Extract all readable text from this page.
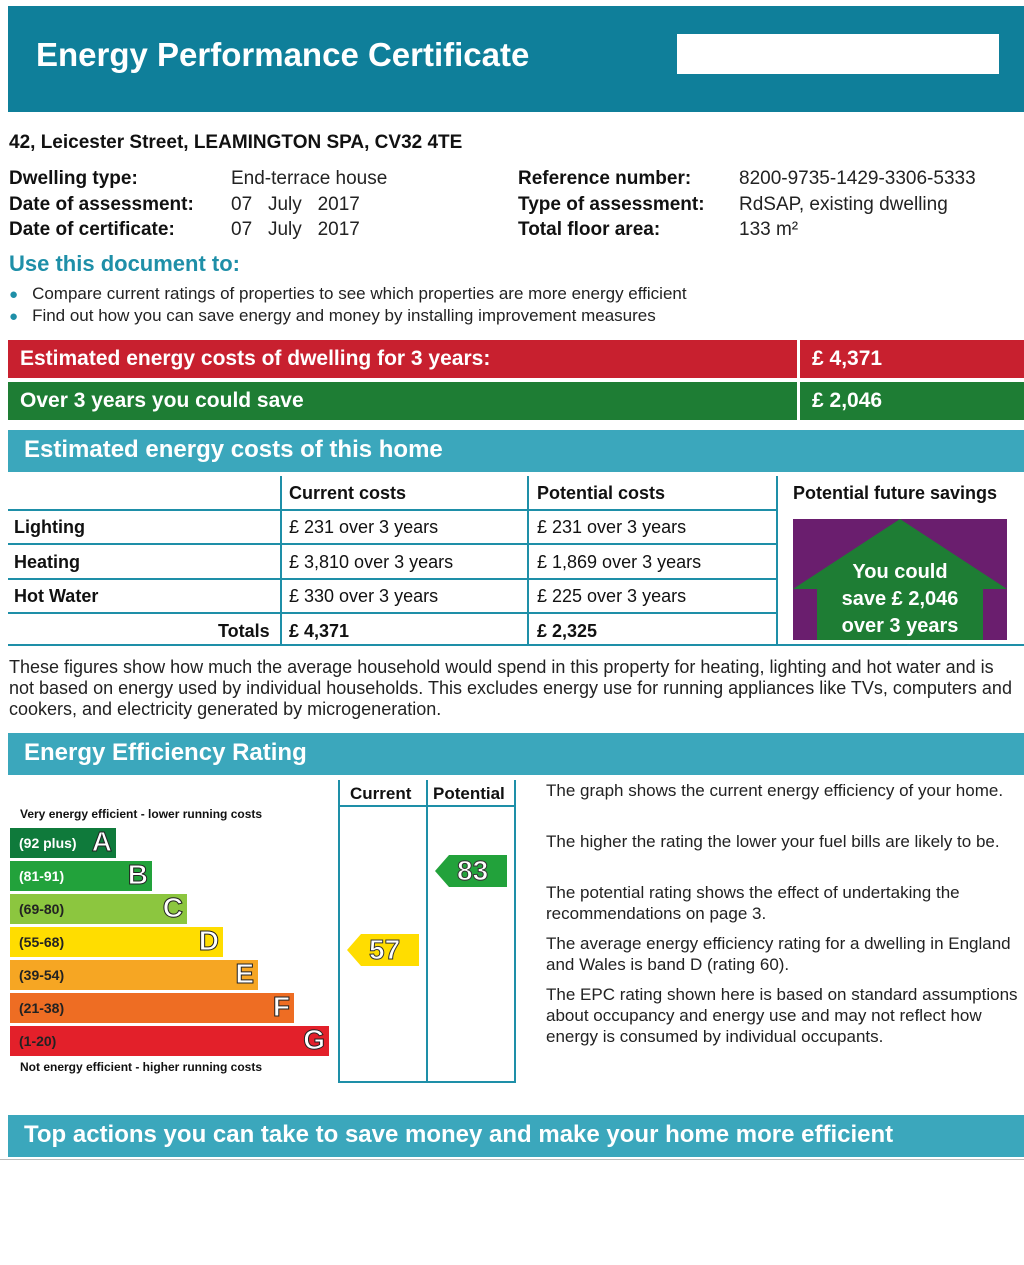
Energy Performance Certificate
42, Leicester Street, LEAMINGTON SPA, CV32 4TE
Dwelling type:	End-terrace house
Date of assessment: 07   July   2017
Date of certificate:	07   July   2017
Reference number:	8200-9735-1429-3306-5333
Type of assessment: RdSAP, existing dwelling
Total floor area:	133 m²
Use this document to:
● Compare current ratings of properties to see which properties are more energy efficient
● Find out how you can save energy and money by installing improvement measures
Estimated energy costs of dwelling for 3 years:	£ 4,371
Over 3 years you could save	£ 2,046
Estimated energy costs of this home
Current costs	Potential costs	Potential future savings
Lighting	£ 231 over 3 years	£ 231 over 3 years
Heating	£ 3,810 over 3 years	£ 1,869 over 3 years
Hot Water	£ 330 over 3 years	£ 225 over 3 years
Totals £ 4,371	£ 2,325
You could
save £ 2,046
over 3 years
These figures show how much the average household would spend in this property for heating, lighting and hot water and is not based on energy used by individual households. This excludes energy use for running appliances like TVs, computers and cookers, and electricity generated by microgeneration.
Energy Efficiency Rating
Current Potential
Very energy efficient - lower running costs
Not energy efficient - higher running costs
(92 plus) A
(81-91) B
(69-80)	C
(55-68)	D
(39-54)	E
(21-38)	F
(1-20)	G
57
83
The graph shows the current energy efficiency of your home.
The higher the rating the lower your fuel bills are likely to be.
The potential rating shows the effect of undertaking the recommendations on page 3.
The average energy efficiency rating for a dwelling in England and Wales is band D (rating 60).
The EPC rating shown here is based on standard assumptions about occupancy and energy use and may not reflect how energy is consumed by individual occupants.
Top actions you can take to save money and make your home more efficient
